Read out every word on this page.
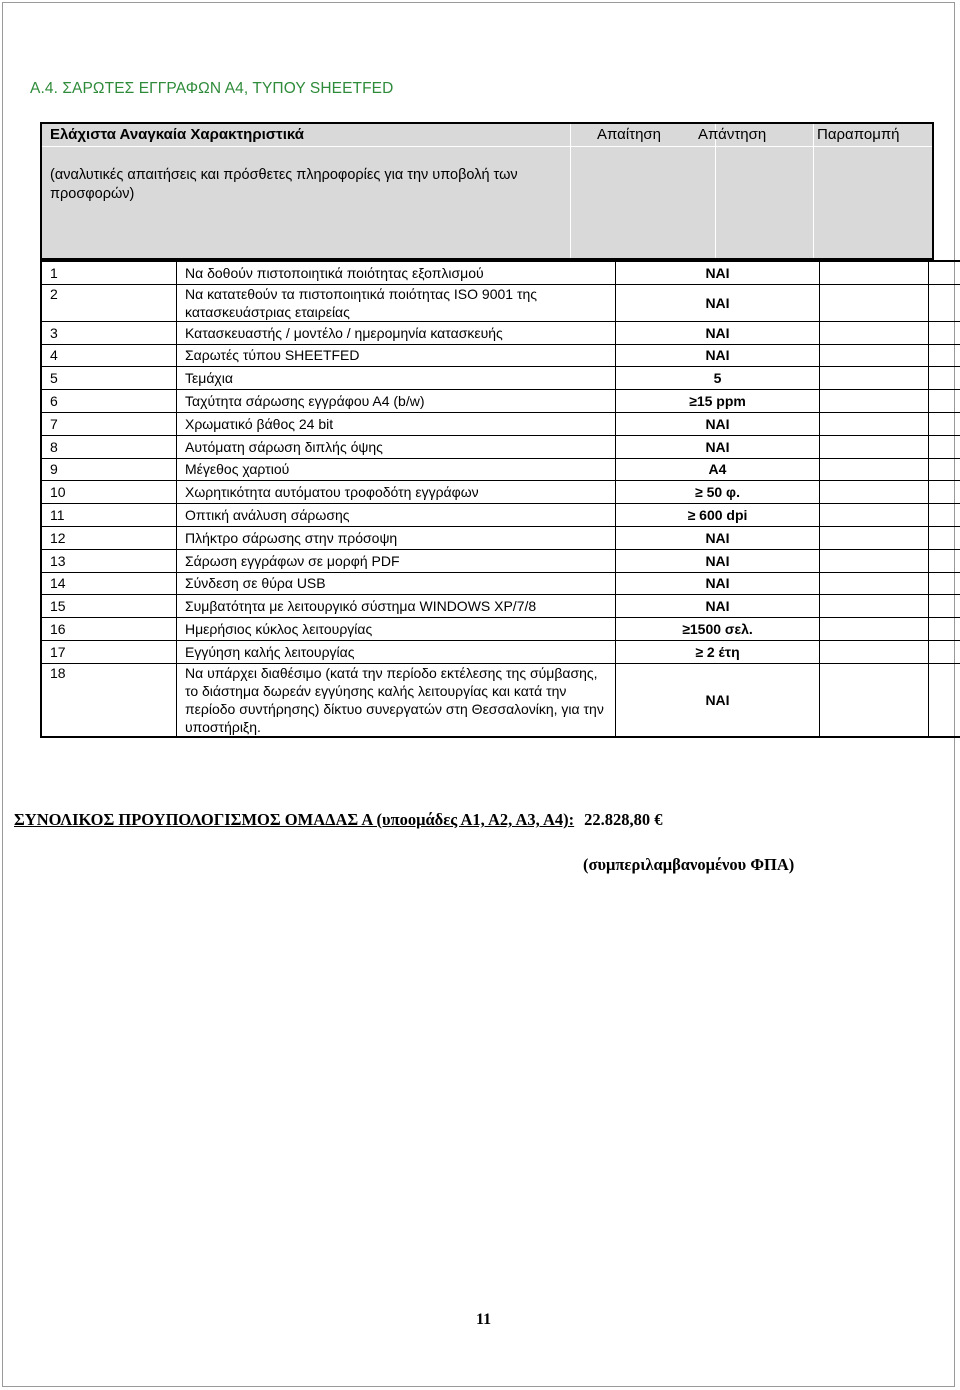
Α.4. ΣΑΡΩΤΕΣ ΕΓΓΡΑΦΩΝ Α4, ΤΥΠΟΥ SHEETFED
Ελάχιστα Αναγκαία Χαρακτηριστικά
(αναλυτικές απαιτήσεις και πρόσθετες πληροφορίες για την υποβολή των προσφορών)
Απαίτηση Απάντηση	Παραπομπή
1	Να δοθούν πιστοποιητικά ποιότητας εξοπλισμού	ΝΑΙ		
2	Να κατατεθούν τα πιστοποιητικά ποιότητας ISO 9001 της κατασκευάστριας εταιρείας	ΝΑΙ		
3	Κατασκευαστής / μοντέλο / ημερομηνία κατασκευής	ΝΑΙ		
4	Σαρωτές τύπου SHEETFED	ΝΑΙ		
5	Τεμάχια	5		
6	Ταχύτητα σάρωσης εγγράφου Α4 (b/w)	≥15 ppm		
7	Χρωματικό βάθος 24 bit	ΝΑΙ		
8	Αυτόματη σάρωση διπλής όψης	ΝΑΙ		
9	Μέγεθος χαρτιού	Α4		
10	Χωρητικότητα αυτόματου τροφοδότη εγγράφων	≥ 50 φ.		
11	Οπτική ανάλυση σάρωσης	≥ 600 dpi		
12	Πλήκτρο σάρωσης στην πρόσοψη	ΝΑΙ		
13	Σάρωση εγγράφων σε μορφή PDF	ΝΑΙ		
14	Σύνδεση σε θύρα USB	ΝΑΙ		
15	Συμβατότητα με λειτουργικό σύστημα WINDOWS XP/7/8	ΝΑΙ		
16	Ημερήσιος κύκλος λειτουργίας	≥1500 σελ.		
17	Εγγύηση καλής λειτουργίας	≥ 2 έτη		
18	Να υπάρχει διαθέσιμο (κατά την περίοδο εκτέλεσης της σύμβασης, το διάστημα δωρεάν εγγύησης καλής λειτουργίας και κατά την περίοδο συντήρησης) δίκτυο συνεργατών στη Θεσσαλονίκη, για την υποστήριξη.	ΝΑΙ		
ΣΥΝΟΛΙΚΟΣ ΠΡΟΥΠΟΛΟΓΙΣΜΟΣ ΟΜΑΔΑΣ Α (υποομάδες Α1, Α2, Α3, Α4): 22.828,80 €
(συμπεριλαμβανομένου ΦΠΑ)
11
